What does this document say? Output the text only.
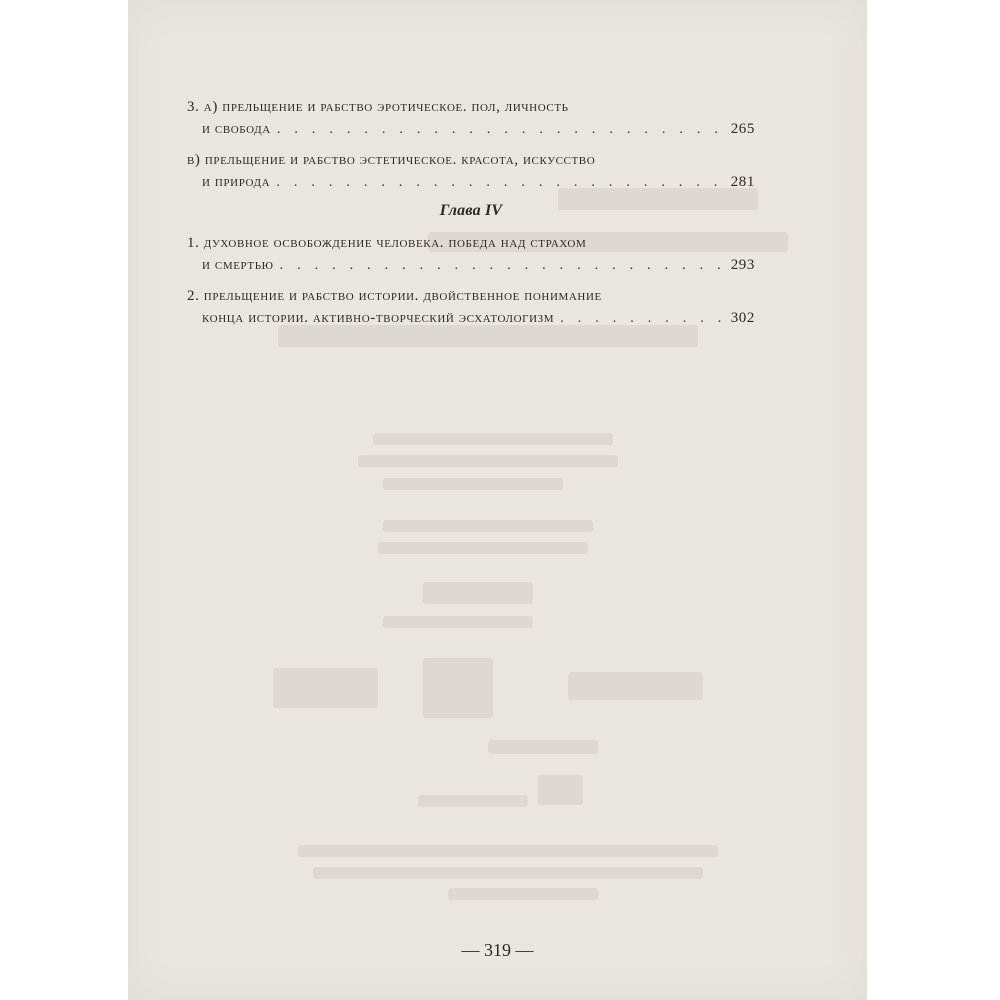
3. а) прельщение и рабство эротическое. пол, личность
и свобода . . .	265
в) прельщение и рабство эстетическое. красота, искусство
и природа . . .	281
Глава IV
1. духовное освобождение человека. победа над страхом
и смертью . . .	293
2. прельщение и рабство истории. двойственное понимание
конца истории. активно-творческий эсхатологизм . . .	302
— 319 —
